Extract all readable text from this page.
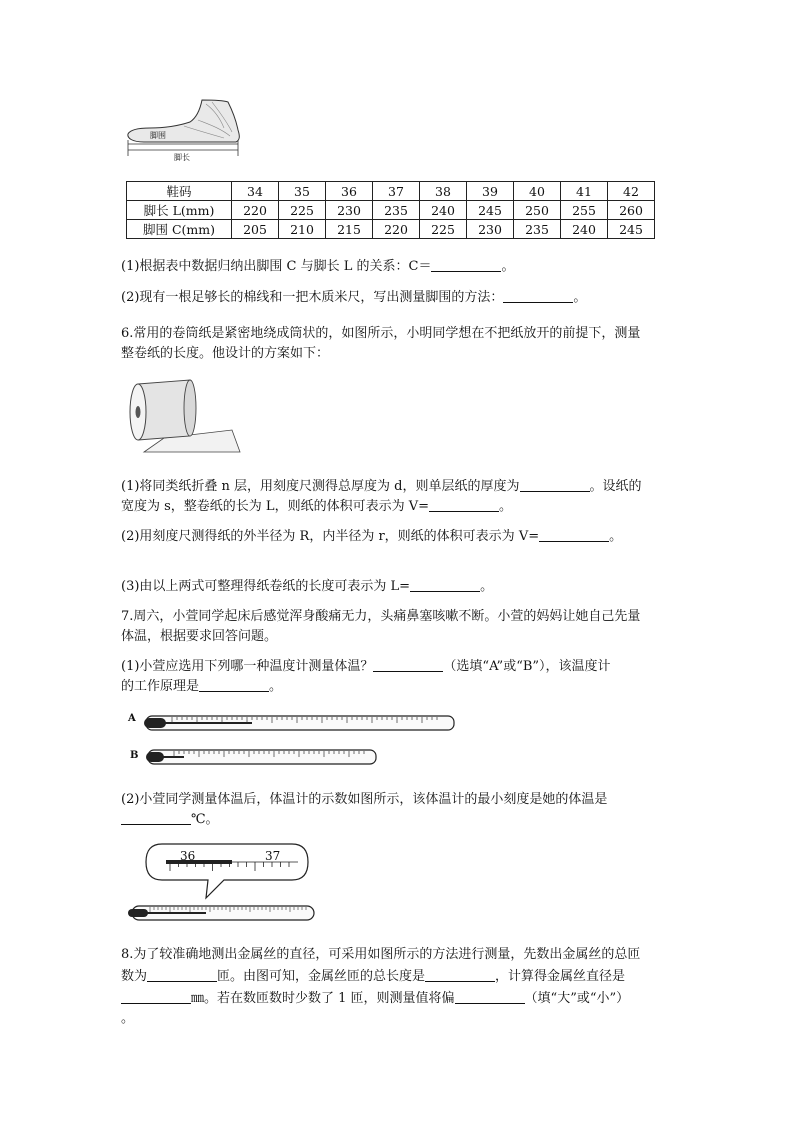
脚围
脚长
鞋码	34	35	36	37	38	39	40	41	42
脚长 L(mm)	220	225	230	235	240	245	250	255	260
脚围 C(mm)	205	210	215	220	225	230	235	240	245
(1)根据表中数据归纳出脚围 C 与脚长 L 的关系：C＝	。
(2)现有一根足够长的棉线和一把木质米尺，写出测量脚围的方法：	。
6.常用的卷筒纸是紧密地绕成筒状的，如图所示，小明同学想在不把纸放开的前提下，测量
整卷纸的长度。他设计的方案如下：
(1)将同类纸折叠 n 层，用刻度尺测得总厚度为 d，则单层纸的厚度为	。设纸的
宽度为 s，整卷纸的长为 L，则纸的体积可表示为 V=	。
(2)用刻度尺测得纸的外半径为 R，内半径为 r，则纸的体积可表示为 V=	。
(3)由以上两式可整理得纸卷纸的长度可表示为 L=	。
7.周六，小萱同学起床后感觉浑身酸痛无力，头痛鼻塞咳嗽不断。小萱的妈妈让她自己先量
体温，根据要求回答问题。
(1)小萱应选用下列哪一种温度计测量体温？	（选填“A”或“B”），该温度计
的工作原理是	。
A
B
(2)小萱同学测量体温后，体温计的示数如图所示，该体温计的最小刻度是她的体温是
℃。
36	37
8.为了较准确地测出金属丝的直径，可采用如图所示的方法进行测量，先数出金属丝的总匝
数为	匝。由图可知，金属丝匝的总长度是	，计算得金属丝直径是
㎜。若在数匝数时少数了 1 匝，则测量值将偏	（填“大”或“小”）
。
